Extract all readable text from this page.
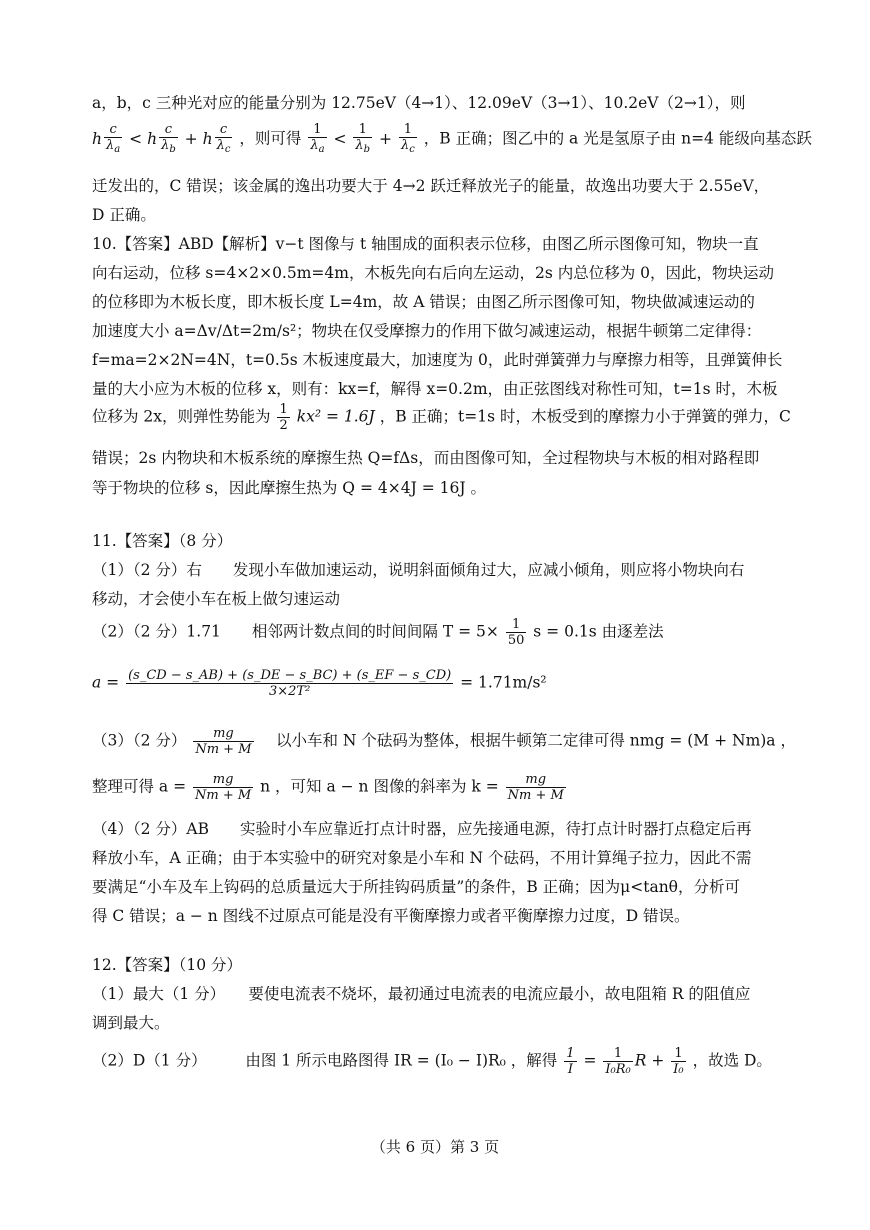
a，b，c 三种光对应的能量分别为 12.75eV（4→1）、12.09eV（3→1）、10.2eV（2→1），则
h $\frac{c}{\lambda_a} < h \frac{c}{\lambda_b} + h \frac{c}{\lambda_c}$ ，则可得 $\frac{1}{\lambda_a} < \frac{1}{\lambda_b} + \frac{1}{\lambda_c}$ ，B 正确；图乙中的 a 光是氢原子由 n=4 能级向基态跃
迁发出的，C 错误；该金属的逸出功要大于 4→2 跃迁释放光子的能量，故逸出功要大于 2.55eV，
D 正确。
10.【答案】ABD【解析】v−t 图像与 t 轴围成的面积表示位移，由图乙所示图像可知，物块一直
向右运动，位移 s=4×2×0.5m=4m，木板先向右后向左运动，2s 内总位移为 0，因此，物块运动
的位移即为木板长度，即木板长度 L=4m，故 A 错误；由图乙所示图像可知，物块做减速运动的
加速度大小 a=Δv/Δt=2m/s²；物块在仅受摩擦力的作用下做匀减速运动，根据牛顿第二定律得：
f=ma=2×2N=4N，t=0.5s 木板速度最大，加速度为 0，此时弹簧弹力与摩擦力相等，且弹簧伸长
量的大小应为木板的位移 x，则有：kx=f，解得 x=0.2m，由正弦图线对称性可知，t=1s 时，木板
位移为 2x，则弹性势能为 $\frac{1}{2} kx^2 = 1.6J$ ，B 正确；t=1s 时，木板受到的摩擦力小于弹簧的弹力，C
错误；2s 内物块和木板系统的摩擦生热 Q=fΔs，而由图像可知，全过程物块与木板的相对路程即
等于物块的位移 s，因此摩擦生热为 Q = 4×4J = 16J 。
11.【答案】（8 分）
（1）（2 分）右　　发现小车做加速运动，说明斜面倾角过大，应减小倾角，则应将小物块向右
移动，才会使小车在板上做匀速运动
（2）（2 分）1.71　　相邻两计数点间的时间间隔 $T = 5\times \frac{1}{50}$ s = 0.1s 由逐差法
$a = \frac{(s\_CD - s\_AB) + (s\_DE - s\_BC) + (s\_EF - s\_CD)}{\text{3×2T²}} = 1.71m/s^2$
（3）（2 分） $\frac{mg}{Nm + M}$ 　以小车和 N 个砝码为整体，根据牛顿第二定律可得 nmg = (M + Nm)a ，
整理可得 $a = \frac{mg}{Nm + M}$ n ，可知 a − n 图像的斜率为 $k = \frac{mg}{Nm + M}$
（4）（2 分）AB　　实验时小车应靠近打点计时器，应先接通电源，待打点计时器打点稳定后再
释放小车，A 正确；由于本实验中的研究对象是小车和 N 个砝码，不用计算绳子拉力，因此不需
要满足“小车及车上钩码的总质量远大于所挂钩码质量”的条件，B 正确；因为μ<tanθ，分析可
得 C 错误；a − n 图线不过原点可能是没有平衡摩擦力或者平衡摩擦力过度，D 错误。
12.【答案】（10 分）
（1）最大（1 分）　　要使电流表不烧坏，最初通过电流表的电流应最小，故电阻箱 R 的阻值应
调到最大。
（2）D（1 分）　　　由图 1 所示电路图得 IR = (I₀ − I)R₀ ，解得 $\frac{1}{I} = \frac{1}{\text{I₀R₀}}$ $R + \frac{1}{\text{I₀}}$ ，故选 D。
（共 6 页）第 3 页
